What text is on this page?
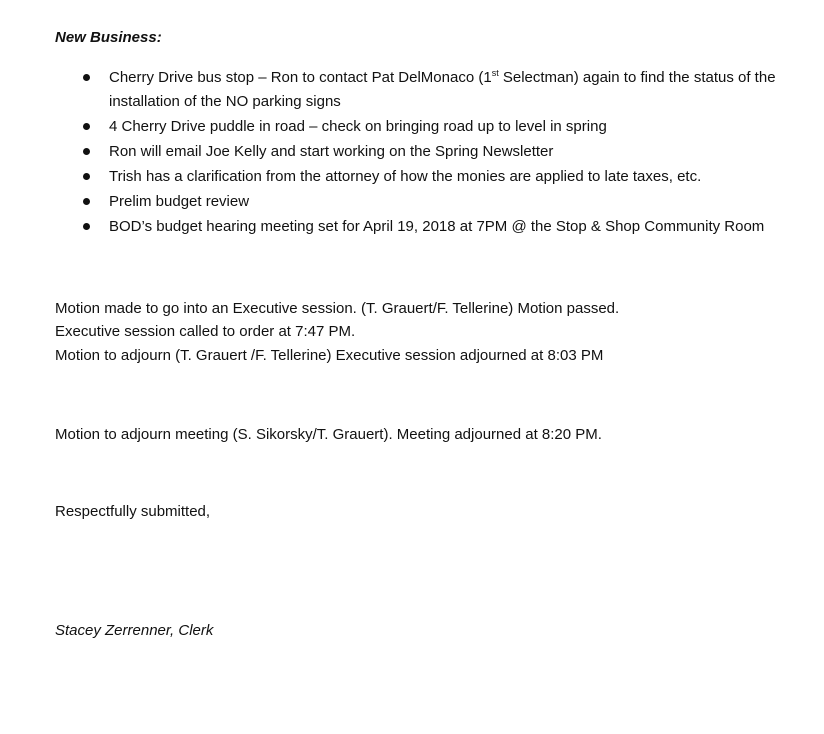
New Business:
Cherry Drive bus stop – Ron to contact Pat DelMonaco (1st Selectman) again to find the status of the installation of the NO parking signs
4 Cherry Drive puddle in road – check on bringing road up to level in spring
Ron will email Joe Kelly and start working on the Spring Newsletter
Trish has a clarification from the attorney of how the monies are applied to late taxes, etc.
Prelim budget review
BOD’s budget hearing meeting set for April 19, 2018 at 7PM @ the Stop & Shop Community Room
Motion made to go into an Executive session. (T. Grauert/F. Tellerine) Motion passed.
Executive session called to order at 7:47 PM.
Motion to adjourn (T. Grauert /F. Tellerine) Executive session adjourned at 8:03 PM
Motion to adjourn meeting (S. Sikorsky/T. Grauert). Meeting adjourned at 8:20 PM.
Respectfully submitted,
Stacey Zerrenner, Clerk
